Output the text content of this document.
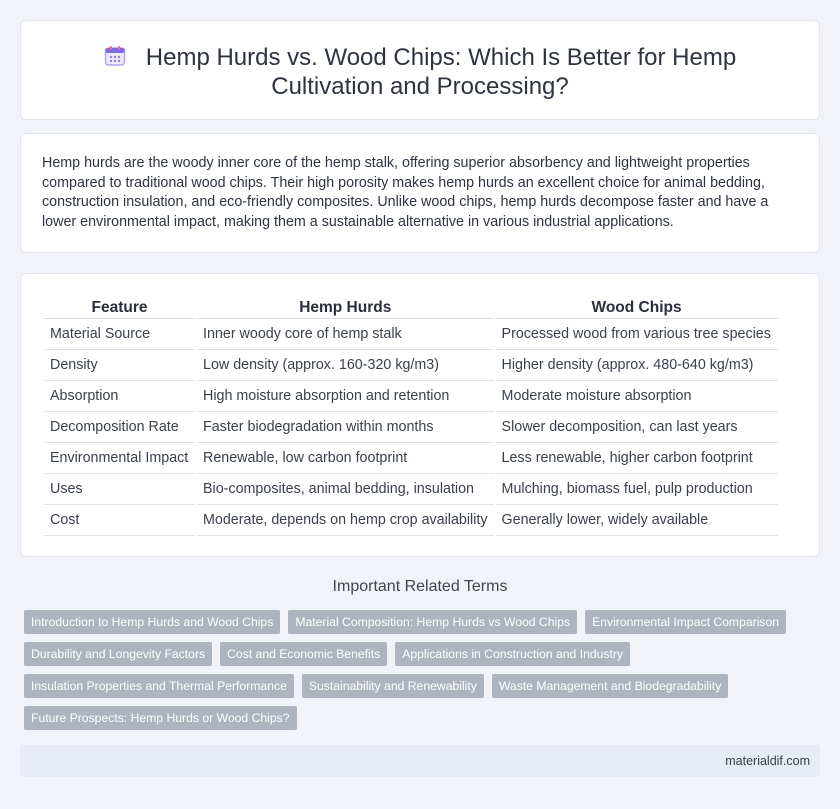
Hemp Hurds vs. Wood Chips: Which Is Better for Hemp Cultivation and Processing?

Hemp hurds are the woody inner core of the hemp stalk, offering superior absorbency and lightweight properties compared to traditional wood chips. Their high porosity makes hemp hurds an excellent choice for animal bedding, construction insulation, and eco-friendly composites. Unlike wood chips, hemp hurds decompose faster and have a lower environmental impact, making them a sustainable alternative in various industrial applications.

Feature	Hemp Hurds	Wood Chips
Material Source	Inner woody core of hemp stalk	Processed wood from various tree species
Density	Low density (approx. 160-320 kg/m3)	Higher density (approx. 480-640 kg/m3)
Absorption	High moisture absorption and retention	Moderate moisture absorption
Decomposition Rate	Faster biodegradation within months	Slower decomposition, can last years
Environmental Impact	Renewable, low carbon footprint	Less renewable, higher carbon footprint
Uses	Bio-composites, animal bedding, insulation	Mulching, biomass fuel, pulp production
Cost	Moderate, depends on hemp crop availability	Generally lower, widely available
Important Related Terms
Introduction to Hemp Hurds and Wood Chips	Material Composition: Hemp Hurds vs Wood Chips	Environmental Impact Comparison
Durability and Longevity Factors	Cost and Economic Benefits	Applications in Construction and Industry
Insulation Properties and Thermal Performance	Sustainability and Renewability	Waste Management and Biodegradability
Future Prospects: Hemp Hurds or Wood Chips?
materialdif.com
